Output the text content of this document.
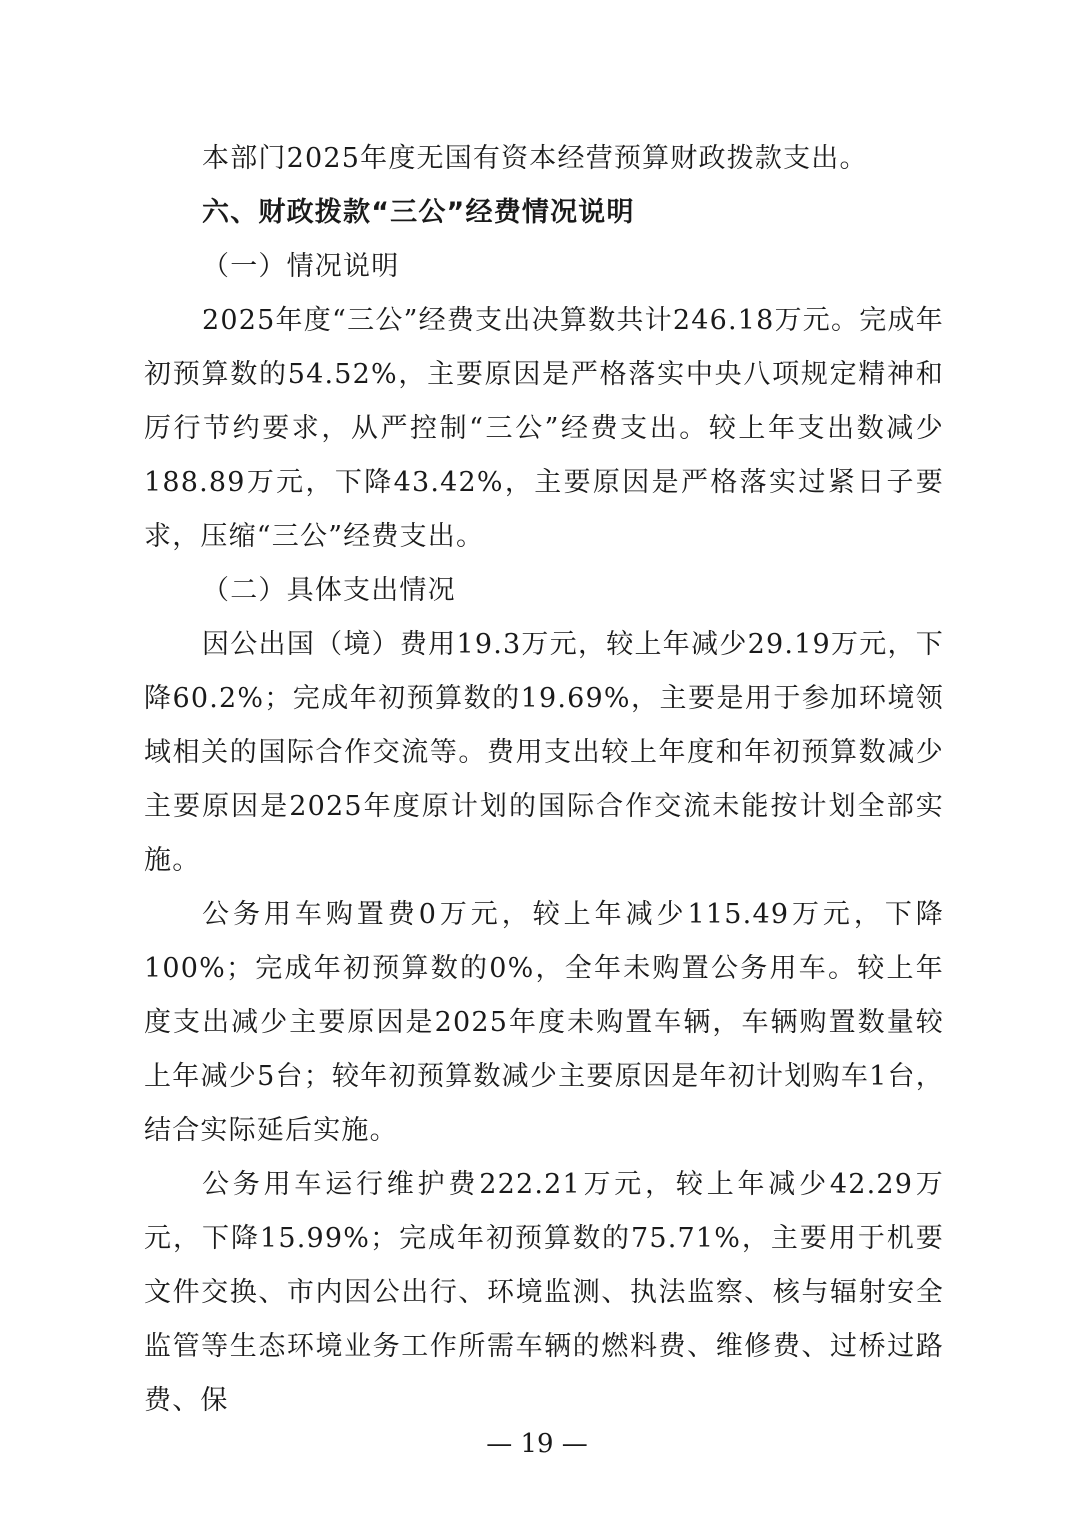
本部门2025年度无国有资本经营预算财政拨款支出。

六、财政拨款“三公”经费情况说明

（一）情况说明

2025年度“三公”经费支出决算数共计246.18万元。完成年初预算数的54.52%，主要原因是严格落实中央八项规定精神和厉行节约要求，从严控制“三公”经费支出。较上年支出数减少188.89万元，下降43.42%，主要原因是严格落实过紧日子要求，压缩“三公”经费支出。

（二）具体支出情况

因公出国（境）费用19.3万元，较上年减少29.19万元，下降60.2%；完成年初预算数的19.69%，主要是用于参加环境领域相关的国际合作交流等。费用支出较上年度和年初预算数减少主要原因是2025年度原计划的国际合作交流未能按计划全部实施。

公务用车购置费0万元，较上年减少115.49万元，下降100%；完成年初预算数的0%，全年未购置公务用车。较上年度支出减少主要原因是2025年度未购置车辆，车辆购置数量较上年减少5台；较年初预算数减少主要原因是年初计划购车1台，结合实际延后实施。

公务用车运行维护费222.21万元，较上年减少42.29万元，下降15.99%；完成年初预算数的75.71%，主要用于机要文件交换、市内因公出行、环境监测、执法监察、核与辐射安全监管等生态环境业务工作所需车辆的燃料费、维修费、过桥过路费、保

— 19 —
